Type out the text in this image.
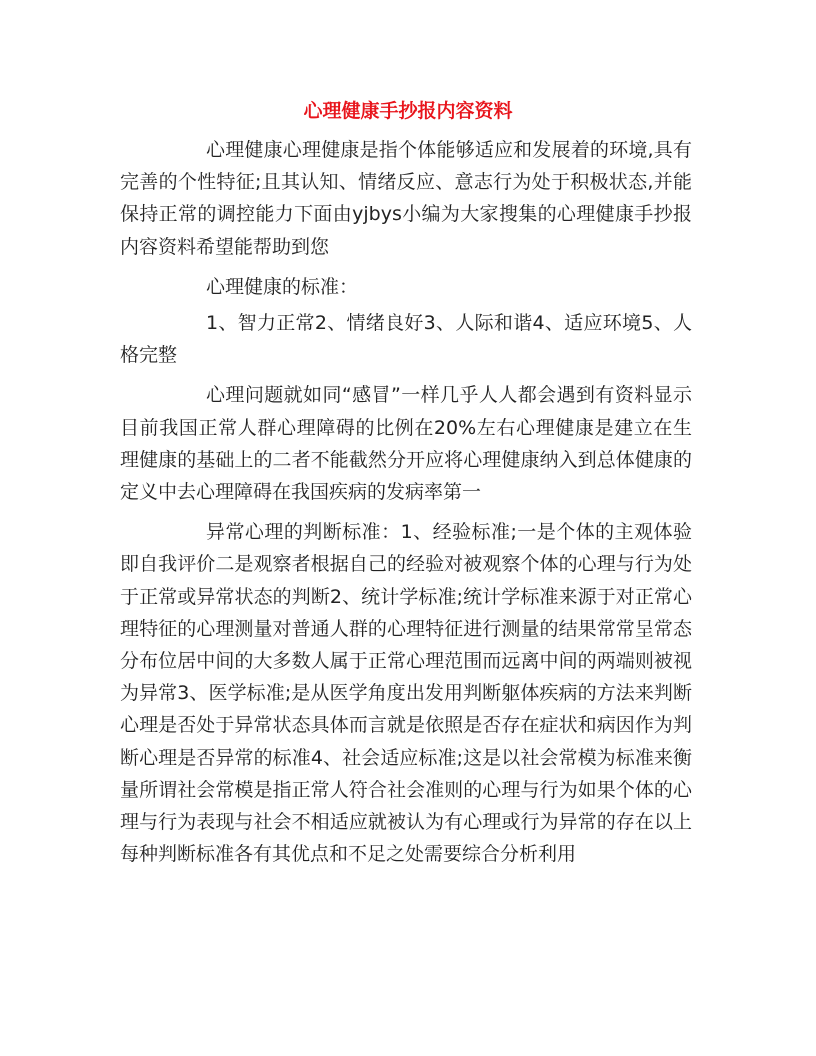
心理健康手抄报内容资料

心理健康心理健康是指个体能够适应和发展着的环境,具有完善的个性特征;且其认知、情绪反应、意志行为处于积极状态,并能保持正常的调控能力下面由yjbys小编为大家搜集的心理健康手抄报内容资料希望能帮助到您

心理健康的标准：

1、智力正常2、情绪良好3、人际和谐4、适应环境5、人格完整

心理问题就如同“感冒”一样几乎人人都会遇到有资料显示目前我国正常人群心理障碍的比例在20%左右心理健康是建立在生理健康的基础上的二者不能截然分开应将心理健康纳入到总体健康的定义中去心理障碍在我国疾病的发病率第一

异常心理的判断标准：1、经验标准;一是个体的主观体验即自我评价二是观察者根据自己的经验对被观察个体的心理与行为处于正常或异常状态的判断2、统计学标准;统计学标准来源于对正常心理特征的心理测量对普通人群的心理特征进行测量的结果常常呈常态分布位居中间的大多数人属于正常心理范围而远离中间的两端则被视为异常3、医学标准;是从医学角度出发用判断躯体疾病的方法来判断心理是否处于异常状态具体而言就是依照是否存在症状和病因作为判断心理是否异常的标准4、社会适应标准;这是以社会常模为标准来衡量所谓社会常模是指正常人符合社会准则的心理与行为如果个体的心理与行为表现与社会不相适应就被认为有心理或行为异常的存在以上每种判断标准各有其优点和不足之处需要综合分析利用
